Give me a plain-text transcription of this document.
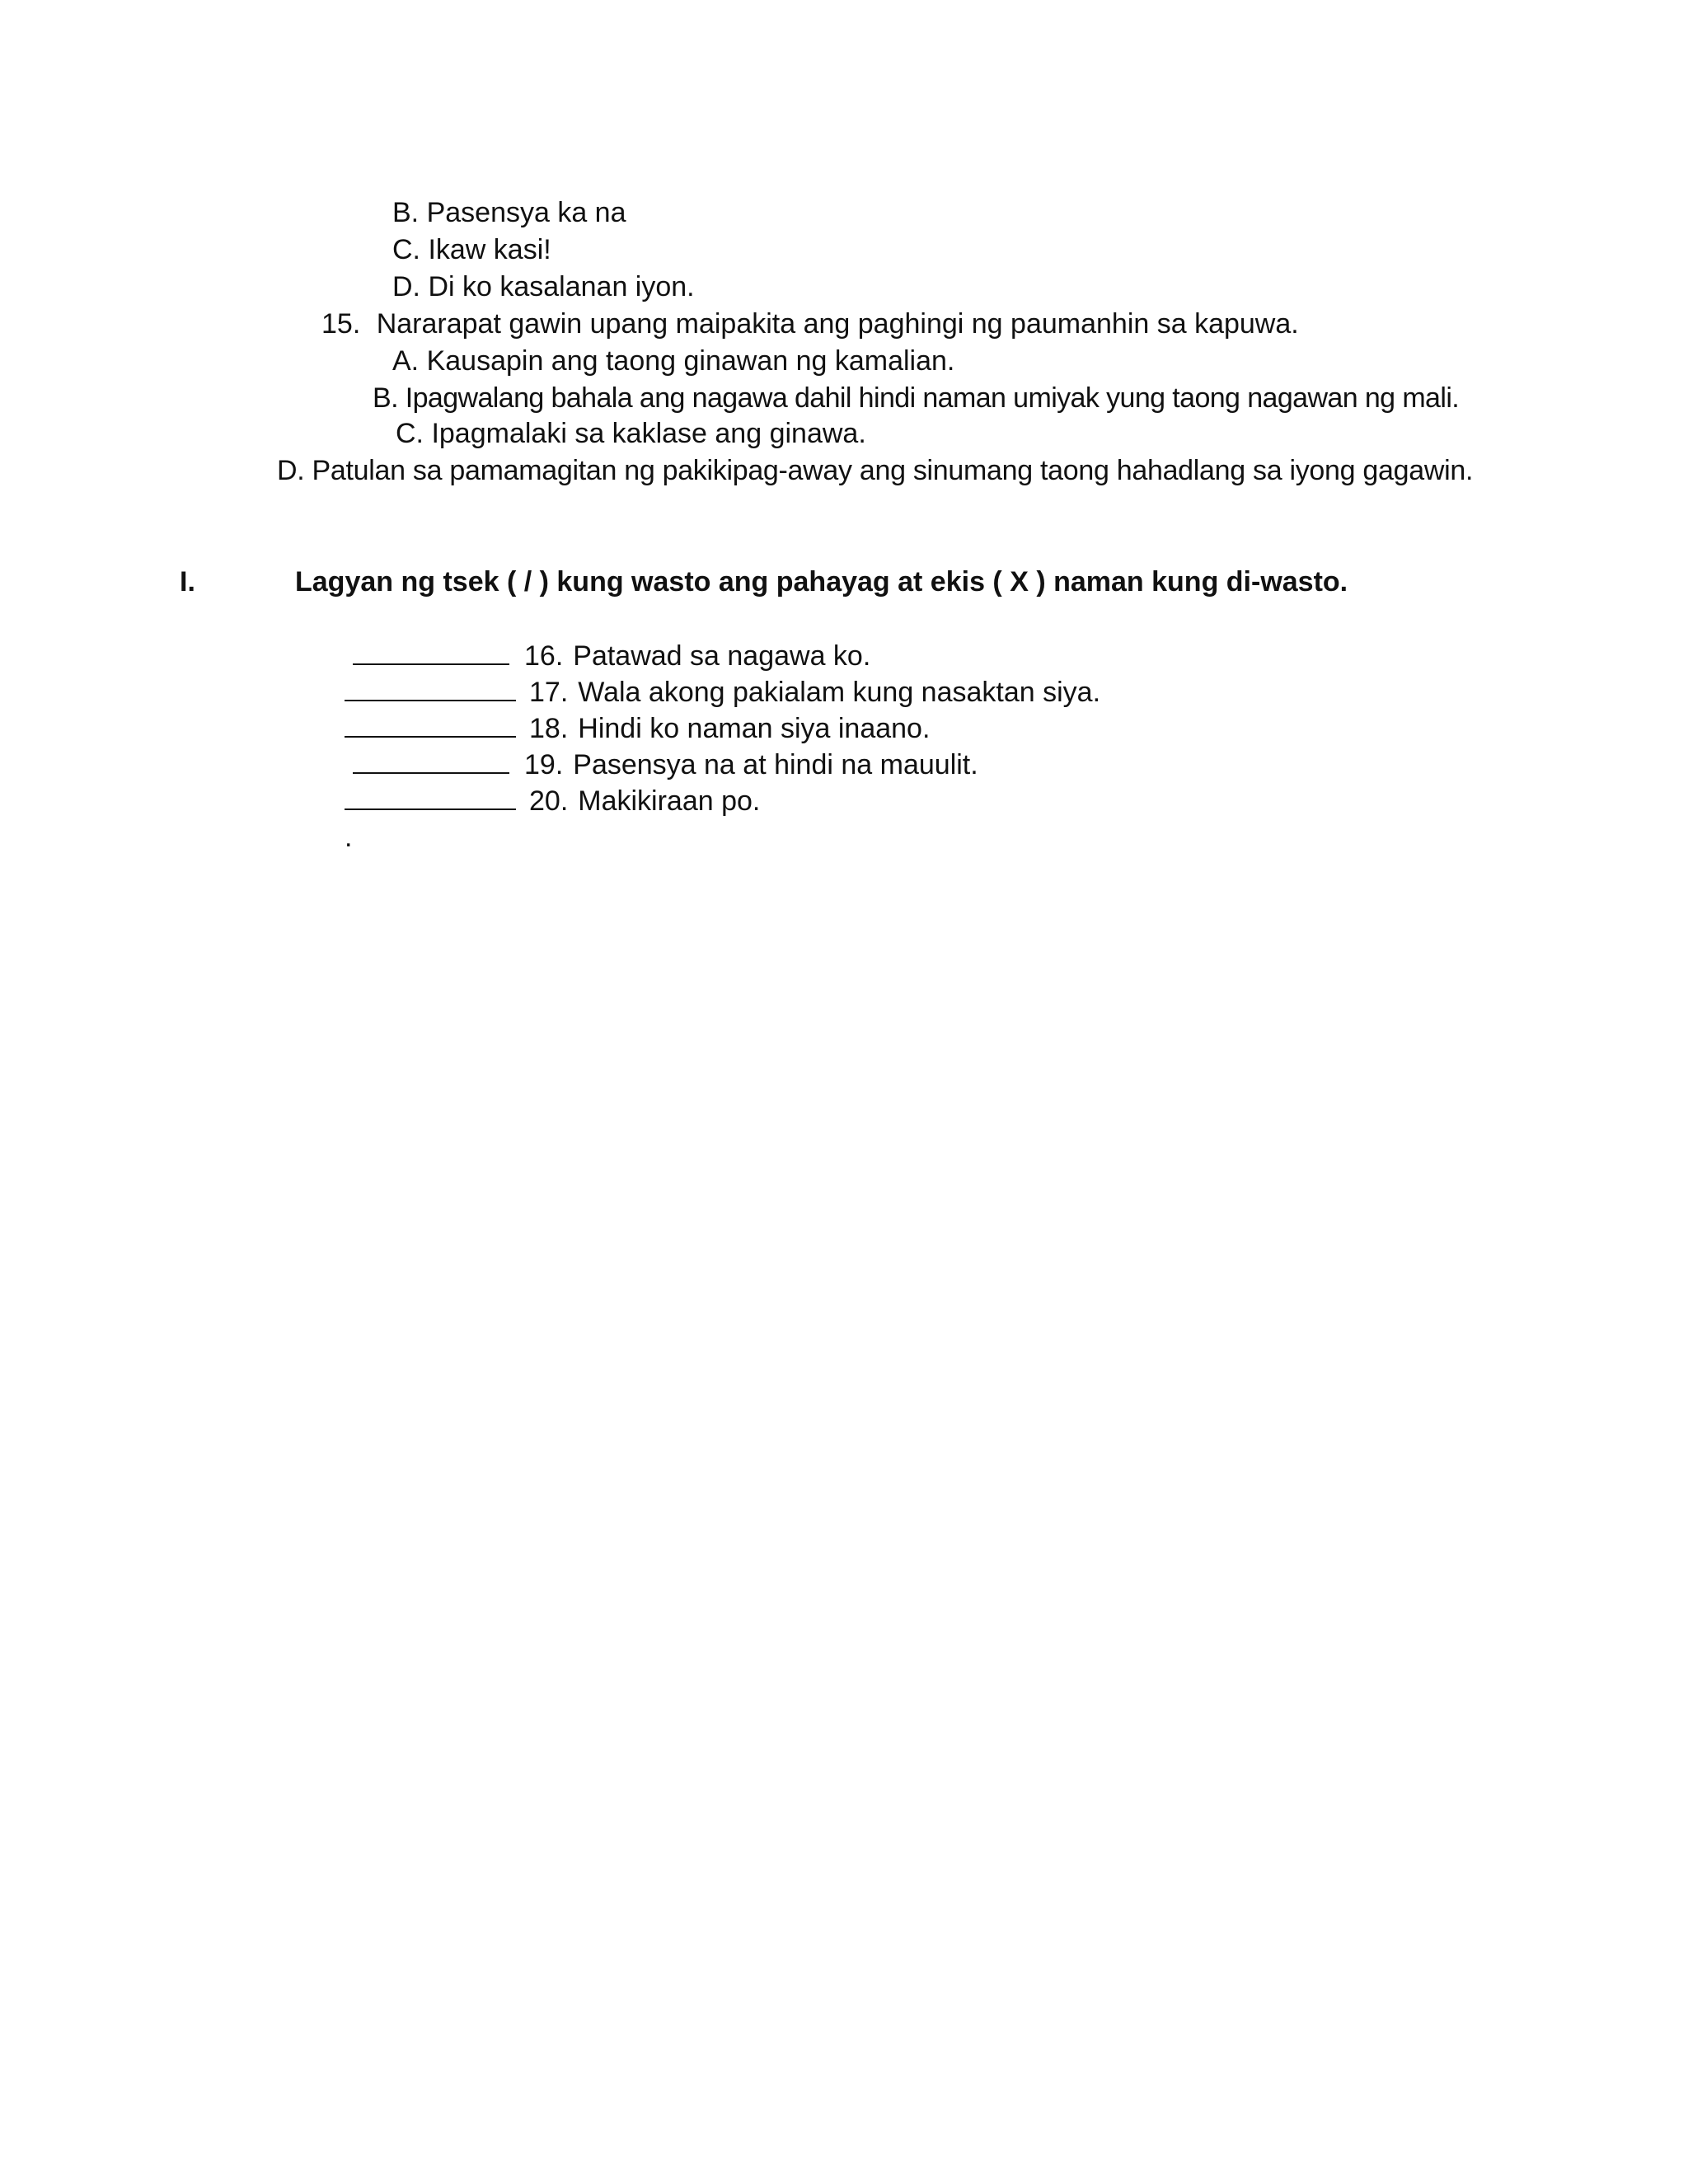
B. Pasensya ka na
C. Ikaw kasi!
D. Di ko kasalanan iyon.
15. Nararapat gawin upang maipakita ang paghingi ng paumanhin sa kapuwa.
A. Kausapin ang taong ginawan ng kamalian.
B. Ipagwalang bahala ang nagawa dahil hindi naman umiyak yung taong nagawan ng mali.
C. Ipagmalaki sa kaklase ang ginawa.
D. Patulan sa pamamagitan ng pakikipag-away ang sinumang taong hahadlang sa iyong gagawin.
I.	Lagyan ng tsek ( / ) kung wasto ang pahayag at ekis ( X ) naman kung di-wasto.
16. Patawad sa nagawa ko.
17. Wala akong pakialam kung nasaktan siya.
18. Hindi ko naman siya inaano.
19. Pasensya na at hindi na mauulit.
20. Makikiraan po.
.
